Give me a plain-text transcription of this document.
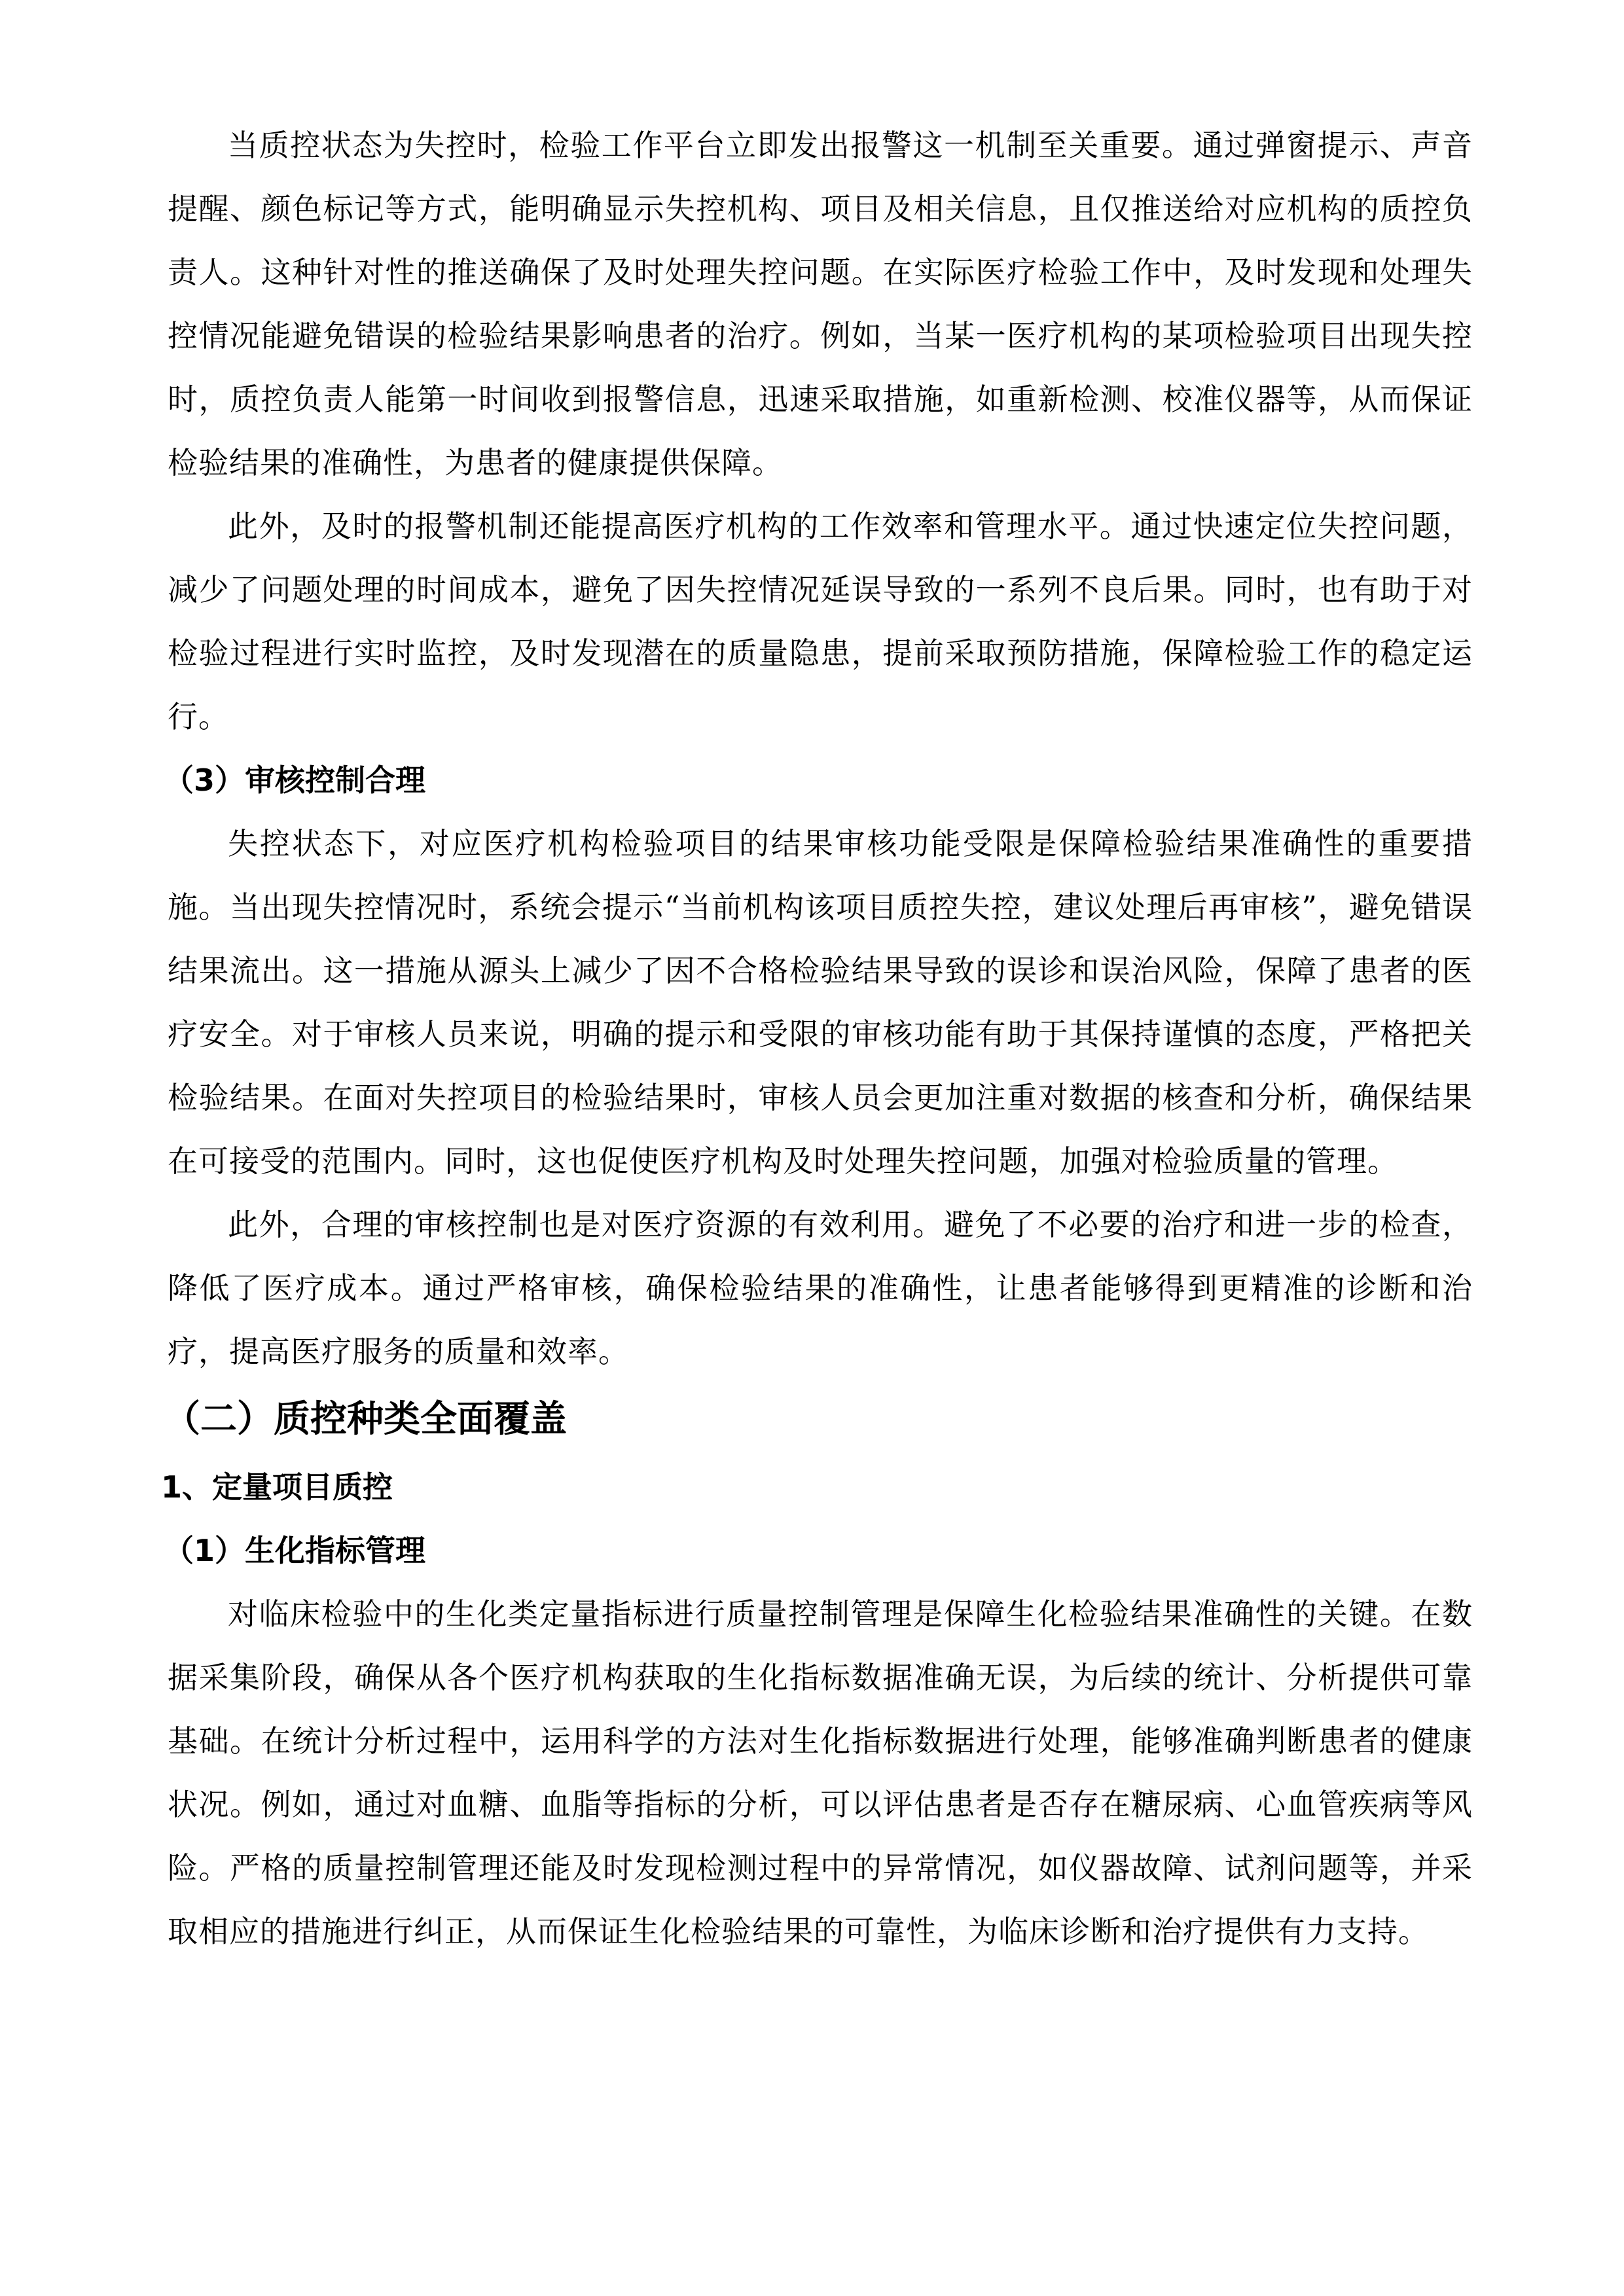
当质控状态为失控时，检验工作平台立即发出报警这一机制至关重要。通过弹窗提示、声音提醒、颜色标记等方式，能明确显示失控机构、项目及相关信息，且仅推送给对应机构的质控负责人。这种针对性的推送确保了及时处理失控问题。在实际医疗检验工作中，及时发现和处理失控情况能避免错误的检验结果影响患者的治疗。例如，当某一医疗机构的某项检验项目出现失控时，质控负责人能第一时间收到报警信息，迅速采取措施，如重新检测、校准仪器等，从而保证检验结果的准确性，为患者的健康提供保障。

此外，及时的报警机制还能提高医疗机构的工作效率和管理水平。通过快速定位失控问题，减少了问题处理的时间成本，避免了因失控情况延误导致的一系列不良后果。同时，也有助于对检验过程进行实时监控，及时发现潜在的质量隐患，提前采取预防措施，保障检验工作的稳定运行。

（3）审核控制合理

失控状态下，对应医疗机构检验项目的结果审核功能受限是保障检验结果准确性的重要措施。当出现失控情况时，系统会提示“当前机构该项目质控失控，建议处理后再审核”，避免错误结果流出。这一措施从源头上减少了因不合格检验结果导致的误诊和误治风险，保障了患者的医疗安全。对于审核人员来说，明确的提示和受限的审核功能有助于其保持谨慎的态度，严格把关检验结果。在面对失控项目的检验结果时，审核人员会更加注重对数据的核查和分析，确保结果在可接受的范围内。同时，这也促使医疗机构及时处理失控问题，加强对检验质量的管理。

此外，合理的审核控制也是对医疗资源的有效利用。避免了不必要的治疗和进一步的检查，降低了医疗成本。通过严格审核，确保检验结果的准确性，让患者能够得到更精准的诊断和治疗，提高医疗服务的质量和效率。

（二）质控种类全面覆盖

1、定量项目质控

（1）生化指标管理

对临床检验中的生化类定量指标进行质量控制管理是保障生化检验结果准确性的关键。在数据采集阶段，确保从各个医疗机构获取的生化指标数据准确无误，为后续的统计、分析提供可靠基础。在统计分析过程中，运用科学的方法对生化指标数据进行处理，能够准确判断患者的健康状况。例如，通过对血糖、血脂等指标的分析，可以评估患者是否存在糖尿病、心血管疾病等风险。严格的质量控制管理还能及时发现检测过程中的异常情况，如仪器故障、试剂问题等，并采取相应的措施进行纠正，从而保证生化检验结果的可靠性，为临床诊断和治疗提供有力支持。
